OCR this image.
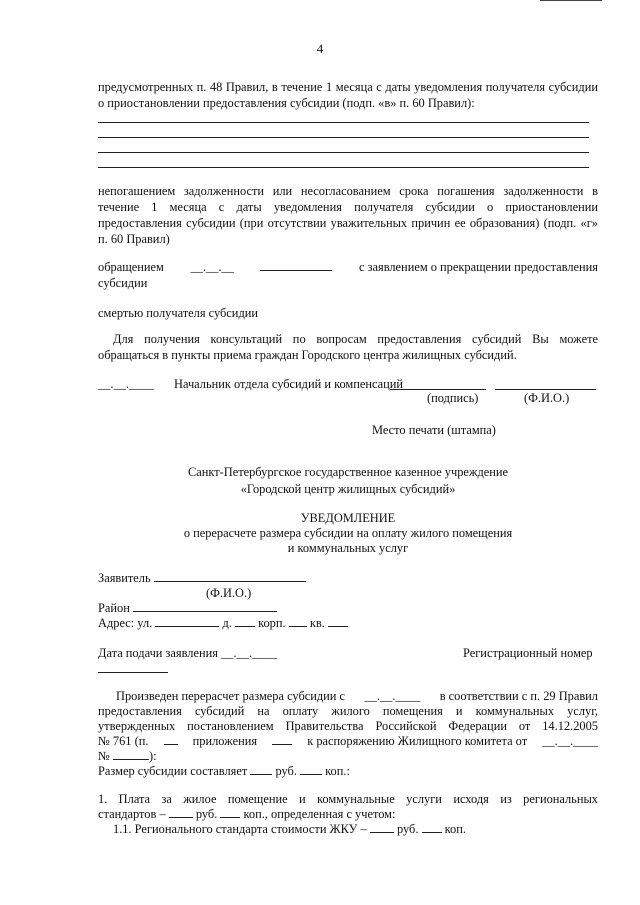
4
предусмотренных п. 48 Правил, в течение 1 месяца с даты уведомления получателя субсидии о приостановлении предоставления субсидии (подп. «в» п. 60 Правил):
непогашением задолженности или несогласованием срока погашения задолженности в течение 1 месяца с даты уведомления получателя субсидии о приостановлении предоставления субсидии (при отсутствии уважительных причин ее образования) (подп. «г» п. 60 Правил)
обращением __.__.__	с заявлением о прекращении предоставления
субсидии
смертью получателя субсидии
Для получения консультаций по вопросам предоставления субсидий Вы можете обращаться в пункты приема граждан Городского центра жилищных субсидий.
__.__.____ Начальник отдела субсидий и компенсаций
(подпись)	(Ф.И.О.)
Место печати (штампа)
Санкт-Петербургское государственное казенное учреждение
«Городской центр жилищных субсидий»
УВЕДОМЛЕНИЕ
о перерасчете размера субсидии на оплату жилого помещения
и коммунальных услуг
Заявитель
(Ф.И.О.)
Район
Адрес: ул.	д. корп. кв.
Дата подачи заявления __.__.____	Регистрационный номер
Произведен перерасчет размера субсидии с __.__.____ в соответствии с п. 29 Правил
предоставления субсидий на оплату жилого помещения и коммунальных услуг,
утвержденных постановлением Правительства Российской Федерации от 14.12.2005
№ 761 (п.	приложения	к распоряжению Жилищного комитета от __.__.____
№	):
Размер субсидии составляет руб. коп.:
1. Плата за жилое помещение и коммунальные услуги исходя из региональных
стандартов – руб. коп., определенная с учетом:
1.1. Регионального стандарта стоимости ЖКУ – руб. коп.
